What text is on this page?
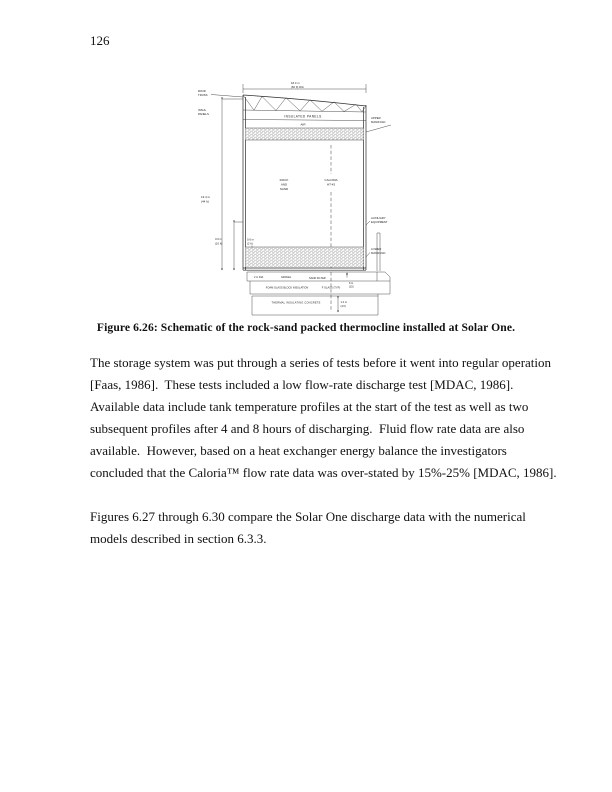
126
INSULATED PANELS
AIR
ROCK
AND
SAND
CALORIA
HT-43
0.6 m
(2 ft)
18.3 m
(60 ft) DIA
13.4 m
(44 ft)
3.0 m
(10 ft)
ROOF
TRUSS
INSUL
PANELS
UPPER
MANIFOLD
AUXILIARY
EQUIPMENT
LOWER
MANIFOLD
2 in DIA	GRAVEL	SAND FILTER
FOAM GLASS BLOCK INSULATION	F GLASS (TYP)
6 in
(15)
THERMAL INSULATING CONCRETE	1.2 m
(4 ft)
Figure 6.26: Schematic of the rock-sand packed thermocline installed at Solar One.
The storage system was put through a series of tests before it went into regular operation
[Faas, 1986].  These tests included a low flow-rate discharge test [MDAC, 1986].
Available data include tank temperature profiles at the start of the test as well as two
subsequent profiles after 4 and 8 hours of discharging.  Fluid flow rate data are also
available.  However, based on a heat exchanger energy balance the investigators
concluded that the Caloria™ flow rate data was over-stated by 15%-25% [MDAC, 1986].
Figures 6.27 through 6.30 compare the Solar One discharge data with the numerical
models described in section 6.3.3.
